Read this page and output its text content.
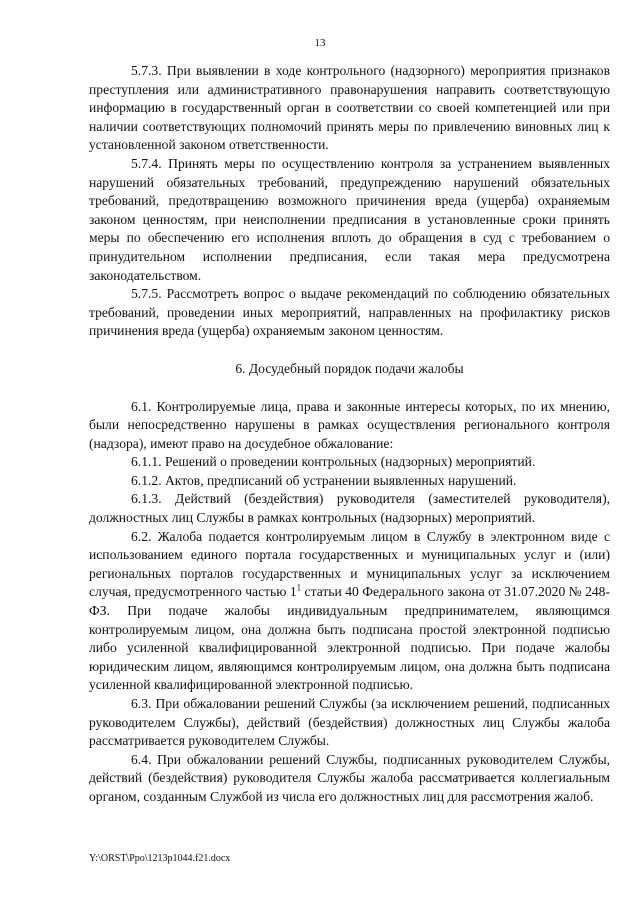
13

5.7.3. При выявлении в ходе контрольного (надзорного) мероприятия признаков преступления или административного правонарушения направить соответствующую информацию в государственный орган в соответствии со своей компетенцией или при наличии соответствующих полномочий принять меры по привлечению виновных лиц к установленной законом ответственности.

5.7.4. Принять меры по осуществлению контроля за устранением выявленных нарушений обязательных требований, предупреждению нарушений обязательных требований, предотвращению возможного причинения вреда (ущерба) охраняемым законом ценностям, при неисполнении предписания в установленные сроки принять меры по обеспечению его исполнения вплоть до обращения в суд с требованием о принудительном исполнении предписания, если такая мера предусмотрена законодательством.

5.7.5. Рассмотреть вопрос о выдаче рекомендаций по соблюдению обязательных требований, проведении иных мероприятий, направленных на профилактику рисков причинения вреда (ущерба) охраняемым законом ценностям.

6. Досудебный порядок подачи жалобы

6.1. Контролируемые лица, права и законные интересы которых, по их мнению, были непосредственно нарушены в рамках осуществления регионального контроля (надзора), имеют право на досудебное обжалование:

6.1.1. Решений о проведении контрольных (надзорных) мероприятий.

6.1.2. Актов, предписаний об устранении выявленных нарушений.

6.1.3. Действий (бездействия) руководителя (заместителей руководителя), должностных лиц Службы в рамках контрольных (надзорных) мероприятий.

6.2. Жалоба подается контролируемым лицом в Службу в электронном виде с использованием единого портала государственных и муниципальных услуг и (или) региональных порталов государственных и муниципальных услуг за исключением случая, предусмотренного частью $1^1$ статьи 40 Федерального закона от 31.07.2020 № 248-ФЗ. При подаче жалобы индивидуальным предпринимателем, являющимся контролируемым лицом, она должна быть подписана простой электронной подписью либо усиленной квалифицированной электронной подписью. При подаче жалобы юридическим лицом, являющимся контролируемым лицом, она должна быть подписана усиленной квалифицированной электронной подписью.

6.3. При обжаловании решений Службы (за исключением решений, подписанных руководителем Службы), действий (бездействия) должностных лиц Службы жалоба рассматривается руководителем Службы.

6.4. При обжаловании решений Службы, подписанных руководителем Службы, действий (бездействия) руководителя Службы жалоба рассматривается коллегиальным органом, созданным Службой из числа его должностных лиц для рассмотрения жалоб.

Y:\ORST\Ppo\1213p1044.f21.docx
